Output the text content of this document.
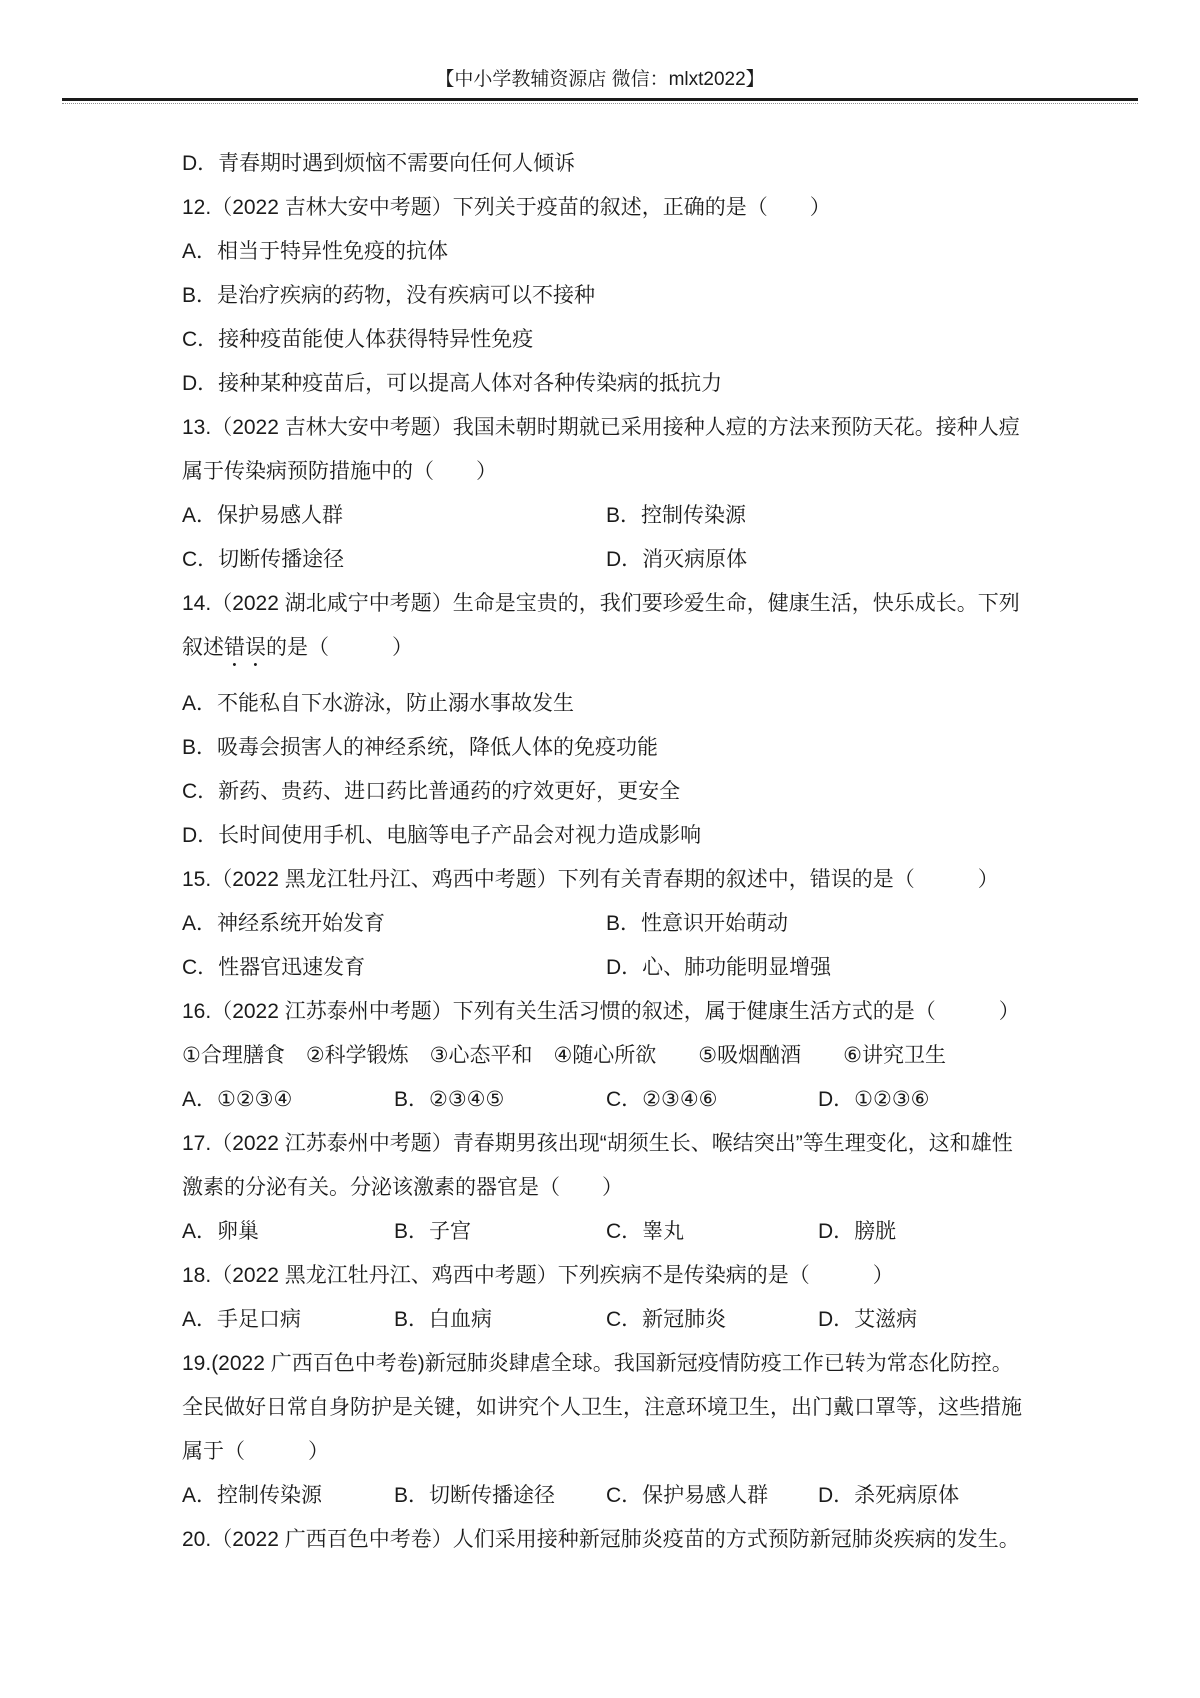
【中小学教辅资源店 微信：mlxt2022】
D．青春期时遇到烦恼不需要向任何人倾诉
12.（2022 吉林大安中考题）下列关于疫苗的叙述，正确的是（　　）
A．相当于特异性免疫的抗体
B．是治疗疾病的药物，没有疾病可以不接种
C．接种疫苗能使人体获得特异性免疫
D．接种某种疫苗后，可以提高人体对各种传染病的抵抗力
13.（2022 吉林大安中考题）我国未朝时期就已采用接种人痘的方法来预防天花。接种人痘
属于传染病预防措施中的（　　）
A．保护易感人群	B．控制传染源
C．切断传播途径	D．消灭病原体
14.（2022 湖北咸宁中考题）生命是宝贵的，我们要珍爱生命，健康生活，快乐成长。下列
叙述错误的是（　　　）
A．不能私自下水游泳，防止溺水事故发生
B．吸毒会损害人的神经系统，降低人体的免疫功能
C．新药、贵药、进口药比普通药的疗效更好，更安全
D．长时间使用手机、电脑等电子产品会对视力造成影响
15.（2022 黑龙江牡丹江、鸡西中考题）下列有关青春期的叙述中，错误的是（　　　）
A．神经系统开始发育	B．性意识开始萌动
C．性器官迅速发育	D．心、肺功能明显增强
16.（2022 江苏泰州中考题）下列有关生活习惯的叙述，属于健康生活方式的是（　　　）
①合理膳食　②科学锻炼　③心态平和　④随心所欲　　⑤吸烟酗酒　　⑥讲究卫生
A．①②③④	B．②③④⑤	C．②③④⑥	D．①②③⑥
17.（2022 江苏泰州中考题）青春期男孩出现“胡须生长、喉结突出”等生理变化，这和雄性
激素的分泌有关。分泌该激素的器官是（　　）
A．卵巢	B．子宫	C．睾丸	D．膀胱
18.（2022 黑龙江牡丹江、鸡西中考题）下列疾病不是传染病的是（　　　）
A．手足口病	B．白血病	C．新冠肺炎	D．艾滋病
19.(2022 广西百色中考卷)新冠肺炎肆虐全球。我国新冠疫情防疫工作已转为常态化防控。
全民做好日常自身防护是关键，如讲究个人卫生，注意环境卫生，出门戴口罩等，这些措施
属于（　　　）
A．控制传染源	B．切断传播途径	C．保护易感人群	D．杀死病原体
20.（2022 广西百色中考卷）人们采用接种新冠肺炎疫苗的方式预防新冠肺炎疾病的发生。
